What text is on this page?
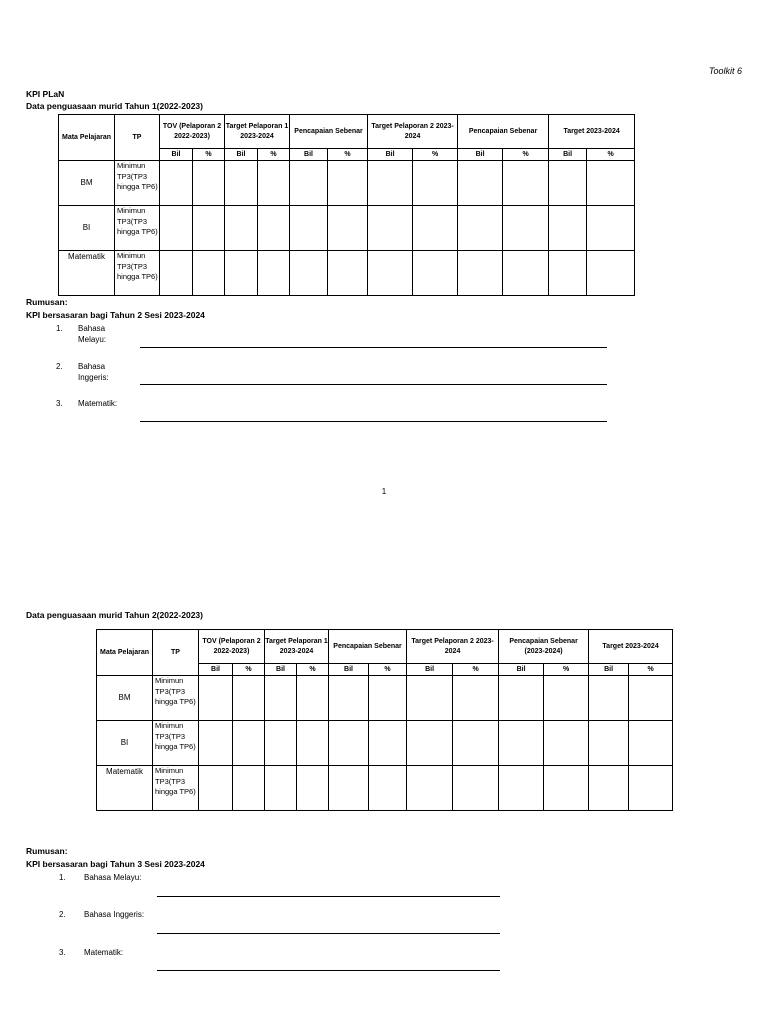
Toolkit 6
KPI PLaN
Data penguasaan murid Tahun 1(2022-2023)
Mata Pelajaran	TP	TOV (Pelaporan 2 2022-2023)		Target Pelaporan 1 2023-2024		Pencapaian Sebenar		Target Pelaporan 2 2023-2024		Pencapaian Sebenar		Target 2023-2024	
		Bil	%	Bil	%	Bil	%	Bil	%	Bil	%	Bil	%
BM	Minimun TP3(TP3 hingga TP6)												
BI	Minimun TP3(TP3 hingga TP6)												
Matematik	Minimun TP3(TP3 hingga TP6)												
Rumusan:
KPI bersasaran bagi Tahun 2 Sesi 2023-2024
1. Bahasa Melayu:
2. Bahasa Inggeris:
3. Matematik:
1
Data penguasaan murid Tahun 2(2022-2023)
Mata Pelajaran	TP	TOV (Pelaporan 2 2022-2023)		Target Pelaporan 1 2023-2024		Pencapaian Sebenar		Target Pelaporan 2 2023-2024		Pencapaian Sebenar (2023-2024)		Target 2023-2024	
		Bil	%	Bil	%	Bil	%	Bil	%	Bil	%	Bil	%
BM	Minimun TP3(TP3 hingga TP6)												
BI	Minimun TP3(TP3 hingga TP6)												
Matematik	Minimun TP3(TP3 hingga TP6)												
Rumusan:
KPI bersasaran bagi Tahun 3 Sesi 2023-2024
1. Bahasa Melayu:
2. Bahasa Inggeris:
3. Matematik:
